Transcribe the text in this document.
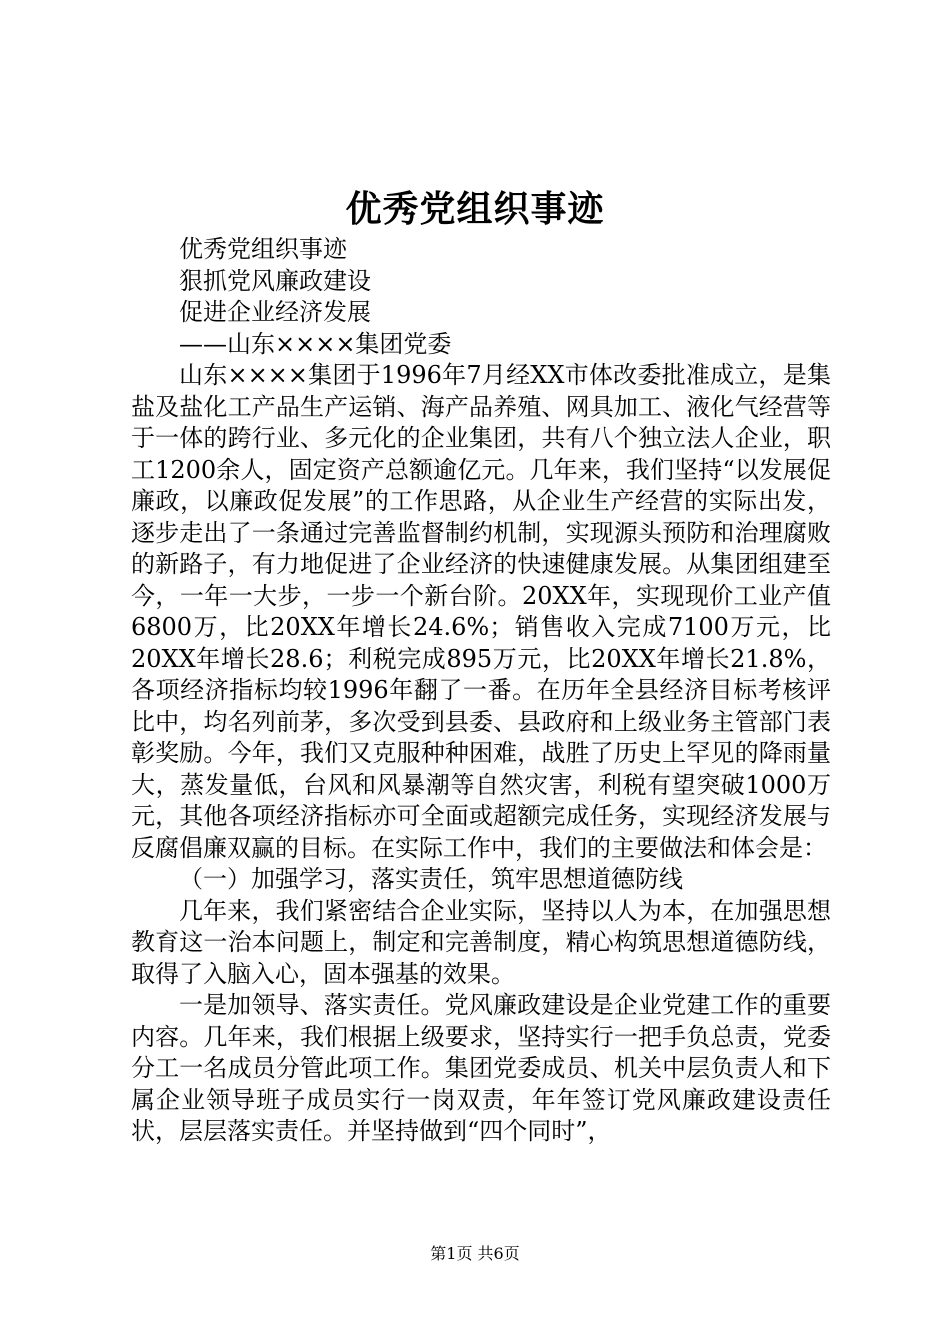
优秀党组织事迹
优秀党组织事迹
狠抓党风廉政建设
促进企业经济发展
——山东××××集团党委

山东××××集团于1996年7月经XX市体改委批准成立，是集盐及盐化工产品生产运销、海产品养殖、网具加工、液化气经营等于一体的跨行业、多元化的企业集团，共有八个独立法人企业，职工1200余人，固定资产总额逾亿元。几年来，我们坚持“以发展促廉政，以廉政促发展”的工作思路，从企业生产经营的实际出发，逐步走出了一条通过完善监督制约机制，实现源头预防和治理腐败的新路子，有力地促进了企业经济的快速健康发展。从集团组建至今，一年一大步，一步一个新台阶。20XX年，实现现价工业产值6800万，比20XX年增长24.6%；销售收入完成7100万元，比20XX年增长28.6；利税完成895万元，比20XX年增长21.8%，各项经济指标均较1996年翻了一番。在历年全县经济目标考核评比中，均名列前茅，多次受到县委、县政府和上级业务主管部门表彰奖励。今年，我们又克服种种困难，战胜了历史上罕见的降雨量大，蒸发量低，台风和风暴潮等自然灾害，利税有望突破1000万元，其他各项经济指标亦可全面或超额完成任务，实现经济发展与反腐倡廉双赢的目标。在实际工作中，我们的主要做法和体会是：

（一）加强学习，落实责任，筑牢思想道德防线

几年来，我们紧密结合企业实际，坚持以人为本，在加强思想教育这一治本问题上，制定和完善制度，精心构筑思想道德防线，取得了入脑入心，固本强基的效果。

一是加领导、落实责任。党风廉政建设是企业党建工作的重要内容。几年来，我们根据上级要求，坚持实行一把手负总责，党委分工一名成员分管此项工作。集团党委成员、机关中层负责人和下属企业领导班子成员实行一岗双责，年年签订党风廉政建设责任状，层层落实责任。并坚持做到“四个同时”，

第1页 共6页
